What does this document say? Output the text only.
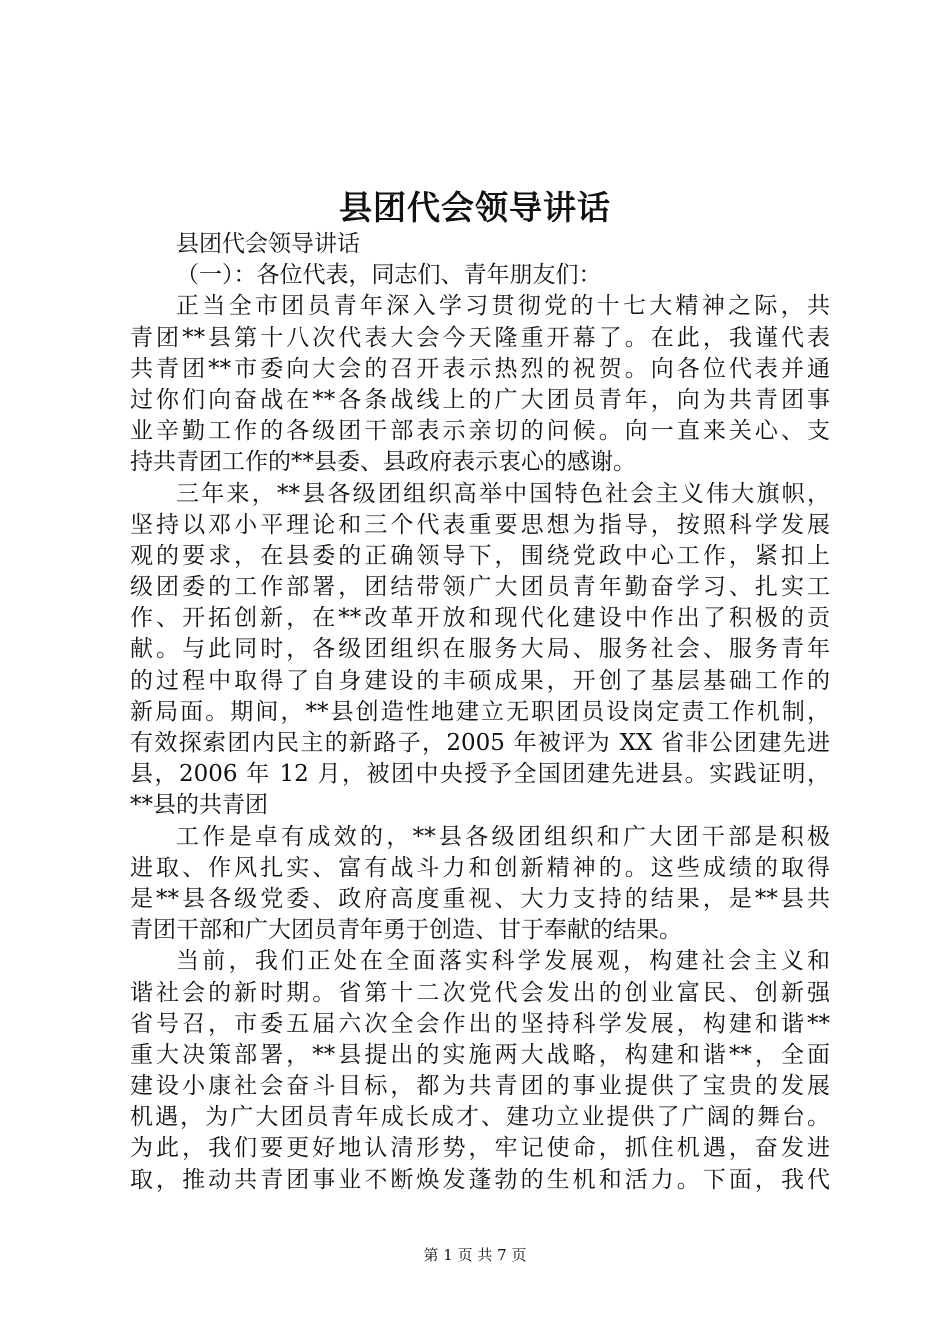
县团代会领导讲话
县团代会领导讲话
（一）：各位代表，同志们、青年朋友们：
正当全市团员青年深入学习贯彻党的十七大精神之际，共
青团**县第十八次代表大会今天隆重开幕了。在此，我谨代表
共青团**市委向大会的召开表示热烈的祝贺。向各位代表并通
过你们向奋战在**各条战线上的广大团员青年，向为共青团事
业辛勤工作的各级团干部表示亲切的问候。向一直来关心、支
持共青团工作的**县委、县政府表示衷心的感谢。
三年来，**县各级团组织高举中国特色社会主义伟大旗帜，
坚持以邓小平理论和三个代表重要思想为指导，按照科学发展
观的要求，在县委的正确领导下，围绕党政中心工作，紧扣上
级团委的工作部署，团结带领广大团员青年勤奋学习、扎实工
作、开拓创新，在**改革开放和现代化建设中作出了积极的贡
献。与此同时，各级团组织在服务大局、服务社会、服务青年
的过程中取得了自身建设的丰硕成果，开创了基层基础工作的
新局面。期间，**县创造性地建立无职团员设岗定责工作机制，
有效探索团内民主的新路子，2005 年被评为 XX 省非公团建先进
县，2006 年 12 月，被团中央授予全国团建先进县。实践证明，
**县的共青团
工作是卓有成效的，**县各级团组织和广大团干部是积极
进取、作风扎实、富有战斗力和创新精神的。这些成绩的取得
是**县各级党委、政府高度重视、大力支持的结果，是**县共
青团干部和广大团员青年勇于创造、甘于奉献的结果。
当前，我们正处在全面落实科学发展观，构建社会主义和
谐社会的新时期。省第十二次党代会发出的创业富民、创新强
省号召，市委五届六次全会作出的坚持科学发展，构建和谐**
重大决策部署，**县提出的实施两大战略，构建和谐**，全面
建设小康社会奋斗目标，都为共青团的事业提供了宝贵的发展
机遇，为广大团员青年成长成才、建功立业提供了广阔的舞台。
为此，我们要更好地认清形势，牢记使命，抓住机遇，奋发进
取，推动共青团事业不断焕发蓬勃的生机和活力。下面，我代
第 1 页 共 7 页
